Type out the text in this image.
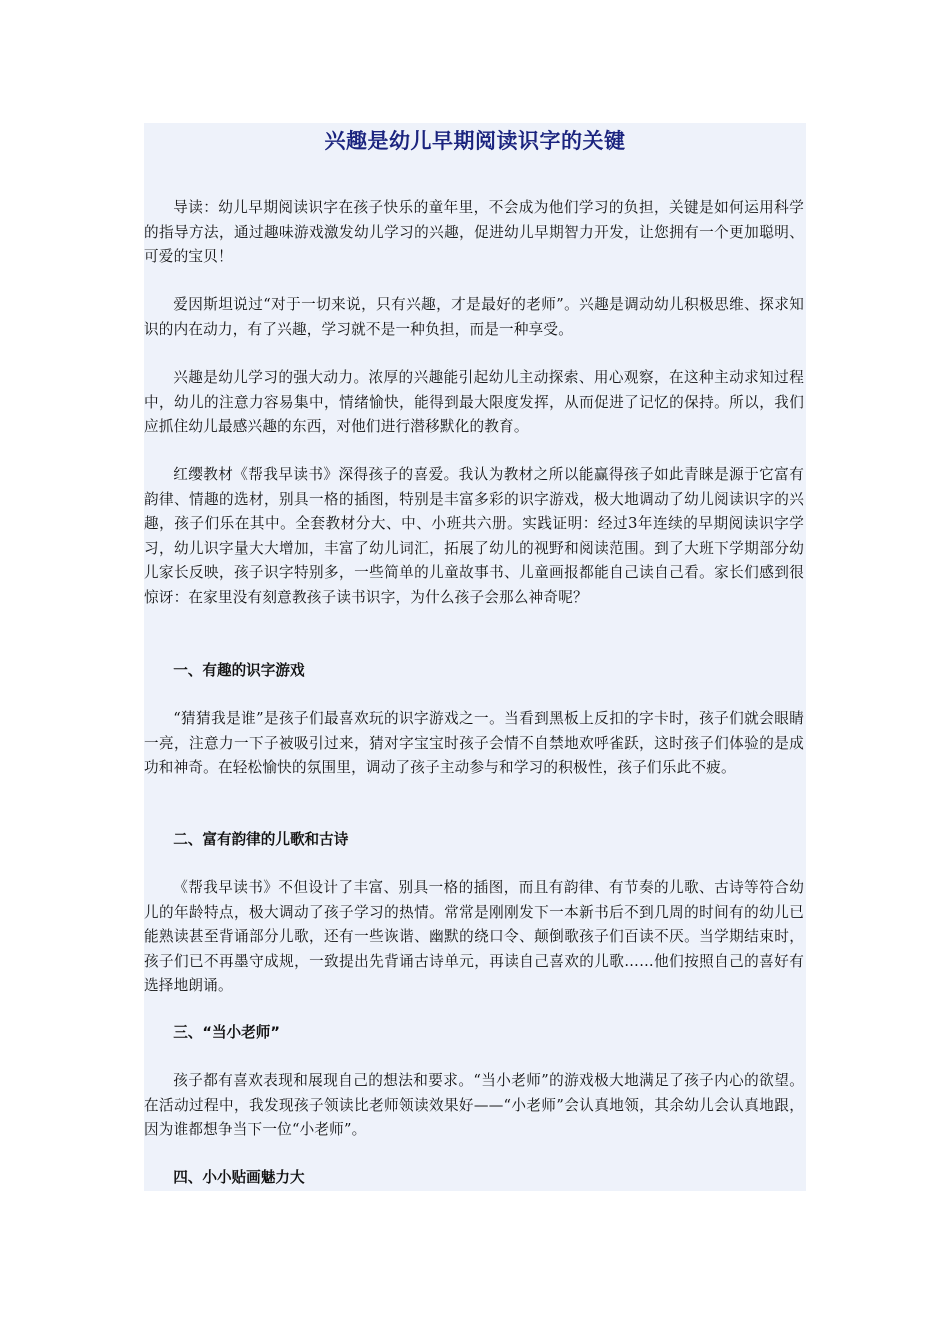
兴趣是幼儿早期阅读识字的关键

导读：幼儿早期阅读识字在孩子快乐的童年里，不会成为他们学习的负担，关键是如何运用科学的指导方法，通过趣味游戏激发幼儿学习的兴趣，促进幼儿早期智力开发，让您拥有一个更加聪明、可爱的宝贝！

爱因斯坦说过“对于一切来说，只有兴趣，才是最好的老师”。兴趣是调动幼儿积极思维、探求知识的内在动力，有了兴趣，学习就不是一种负担，而是一种享受。

兴趣是幼儿学习的强大动力。浓厚的兴趣能引起幼儿主动探索、用心观察，在这种主动求知过程中，幼儿的注意力容易集中，情绪愉快，能得到最大限度发挥，从而促进了记忆的保持。所以，我们应抓住幼儿最感兴趣的东西，对他们进行潜移默化的教育。

红缨教材《帮我早读书》深得孩子的喜爱。我认为教材之所以能赢得孩子如此青睐是源于它富有韵律、情趣的选材，别具一格的插图，特别是丰富多彩的识字游戏，极大地调动了幼儿阅读识字的兴趣，孩子们乐在其中。全套教材分大、中、小班共六册。实践证明：经过3年连续的早期阅读识字学习，幼儿识字量大大增加，丰富了幼儿词汇，拓展了幼儿的视野和阅读范围。到了大班下学期部分幼儿家长反映，孩子识字特别多，一些简单的儿童故事书、儿童画报都能自己读自己看。家长们感到很惊讶：在家里没有刻意教孩子读书识字，为什么孩子会那么神奇呢？

一、有趣的识字游戏

“猜猜我是谁”是孩子们最喜欢玩的识字游戏之一。当看到黑板上反扣的字卡时，孩子们就会眼睛一亮，注意力一下子被吸引过来，猜对字宝宝时孩子会情不自禁地欢呼雀跃，这时孩子们体验的是成功和神奇。在轻松愉快的氛围里，调动了孩子主动参与和学习的积极性，孩子们乐此不疲。

二、富有韵律的儿歌和古诗

《帮我早读书》不但设计了丰富、别具一格的插图，而且有韵律、有节奏的儿歌、古诗等符合幼儿的年龄特点，极大调动了孩子学习的热情。常常是刚刚发下一本新书后不到几周的时间有的幼儿已能熟读甚至背诵部分儿歌，还有一些诙谐、幽默的绕口令、颠倒歌孩子们百读不厌。当学期结束时，孩子们已不再墨守成规，一致提出先背诵古诗单元，再读自己喜欢的儿歌……他们按照自己的喜好有选择地朗诵。

三、“当小老师”

孩子都有喜欢表现和展现自己的想法和要求。“当小老师”的游戏极大地满足了孩子内心的欲望。在活动过程中，我发现孩子领读比老师领读效果好——“小老师”会认真地领，其余幼儿会认真地跟，因为谁都想争当下一位“小老师”。

四、小小贴画魅力大
